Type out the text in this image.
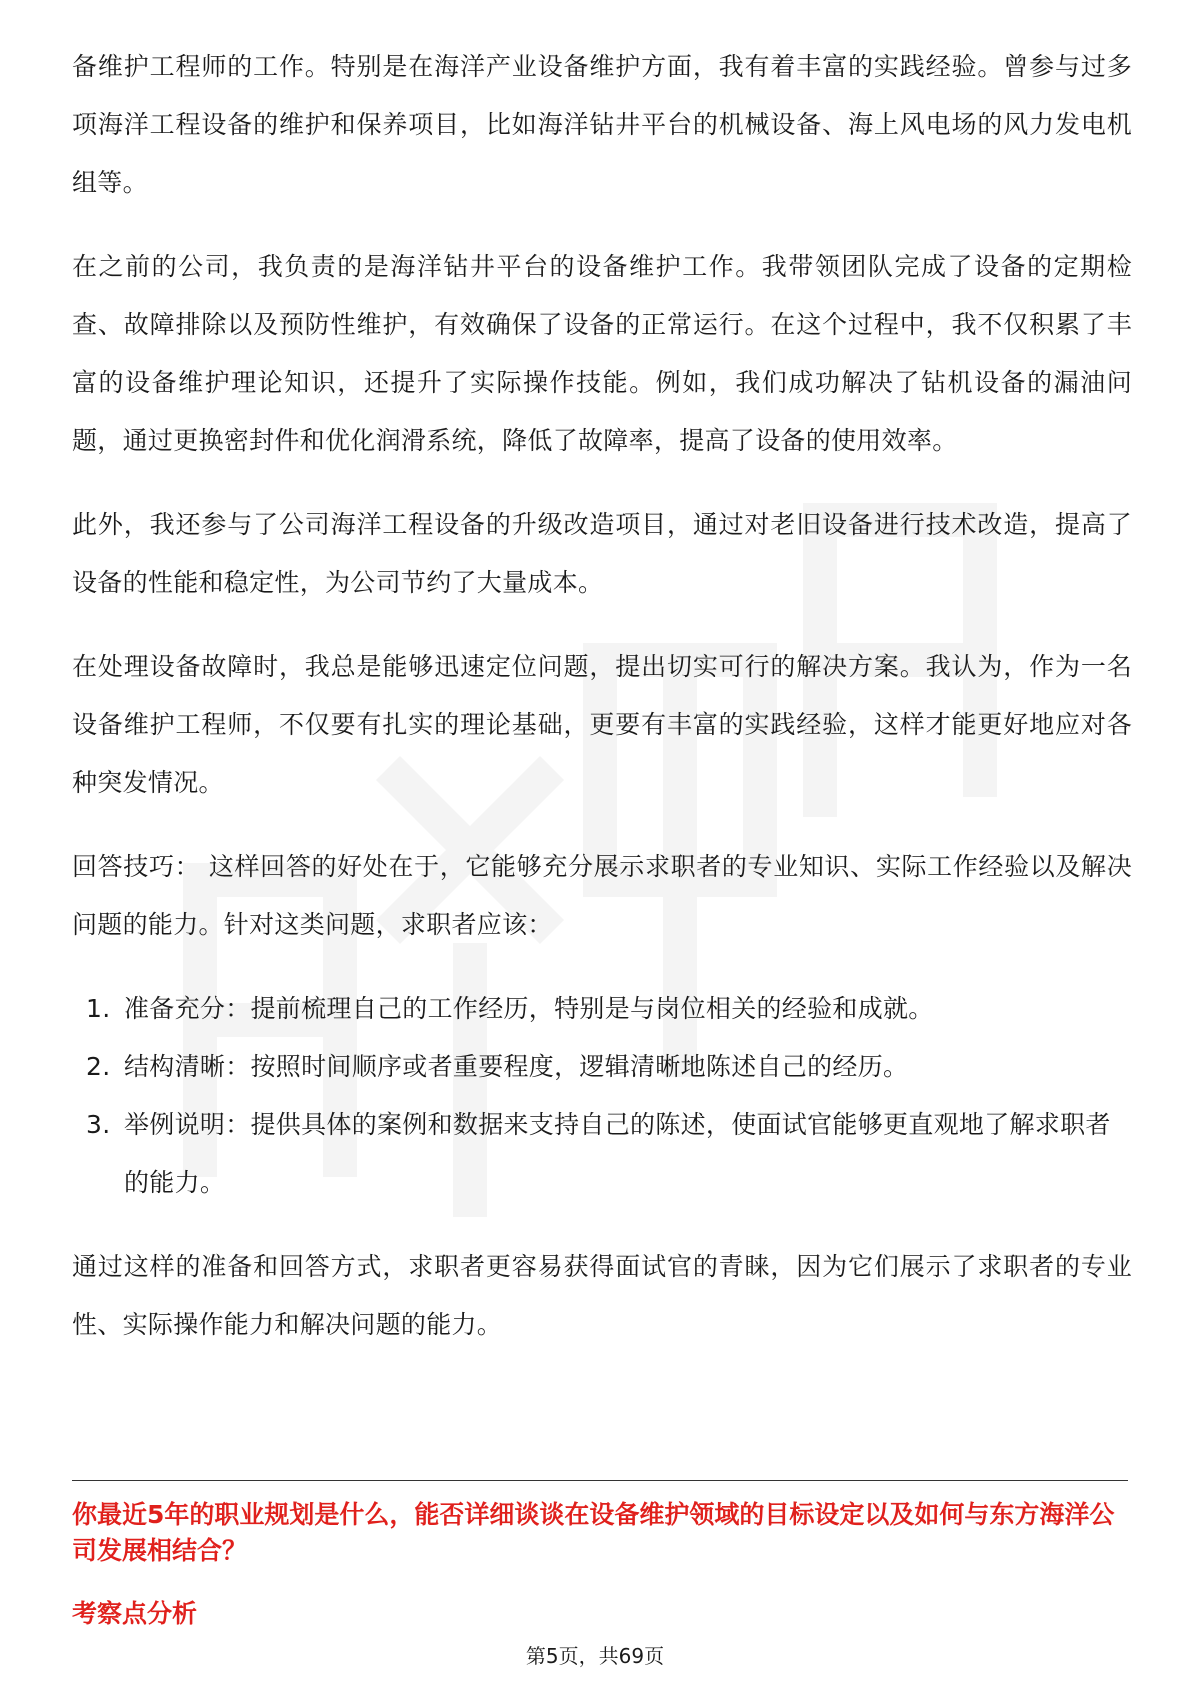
备维护工程师的工作。特别是在海洋产业设备维护方面，我有着丰富的实践经验。曾参与过多项海洋工程设备的维护和保养项目，比如海洋钻井平台的机械设备、海上风电场的风力发电机组等。

在之前的公司，我负责的是海洋钻井平台的设备维护工作。我带领团队完成了设备的定期检查、故障排除以及预防性维护，有效确保了设备的正常运行。在这个过程中，我不仅积累了丰富的设备维护理论知识，还提升了实际操作技能。例如，我们成功解决了钻机设备的漏油问题，通过更换密封件和优化润滑系统，降低了故障率，提高了设备的使用效率。

此外，我还参与了公司海洋工程设备的升级改造项目，通过对老旧设备进行技术改造，提高了设备的性能和稳定性，为公司节约了大量成本。

在处理设备故障时，我总是能够迅速定位问题，提出切实可行的解决方案。我认为，作为一名设备维护工程师，不仅要有扎实的理论基础，更要有丰富的实践经验，这样才能更好地应对各种突发情况。

回答技巧： 这样回答的好处在于，它能够充分展示求职者的专业知识、实际工作经验以及解决问题的能力。针对这类问题，求职者应该：

1. 准备充分：提前梳理自己的工作经历，特别是与岗位相关的经验和成就。
2. 结构清晰：按照时间顺序或者重要程度，逻辑清晰地陈述自己的经历。
3. 举例说明：提供具体的案例和数据来支持自己的陈述，使面试官能够更直观地了解求职者的能力。

通过这样的准备和回答方式，求职者更容易获得面试官的青睐，因为它们展示了求职者的专业性、实际操作能力和解决问题的能力。

你最近5年的职业规划是什么，能否详细谈谈在设备维护领域的目标设定以及如何与东方海洋公司发展相结合？

考察点分析

第5页，共69页
